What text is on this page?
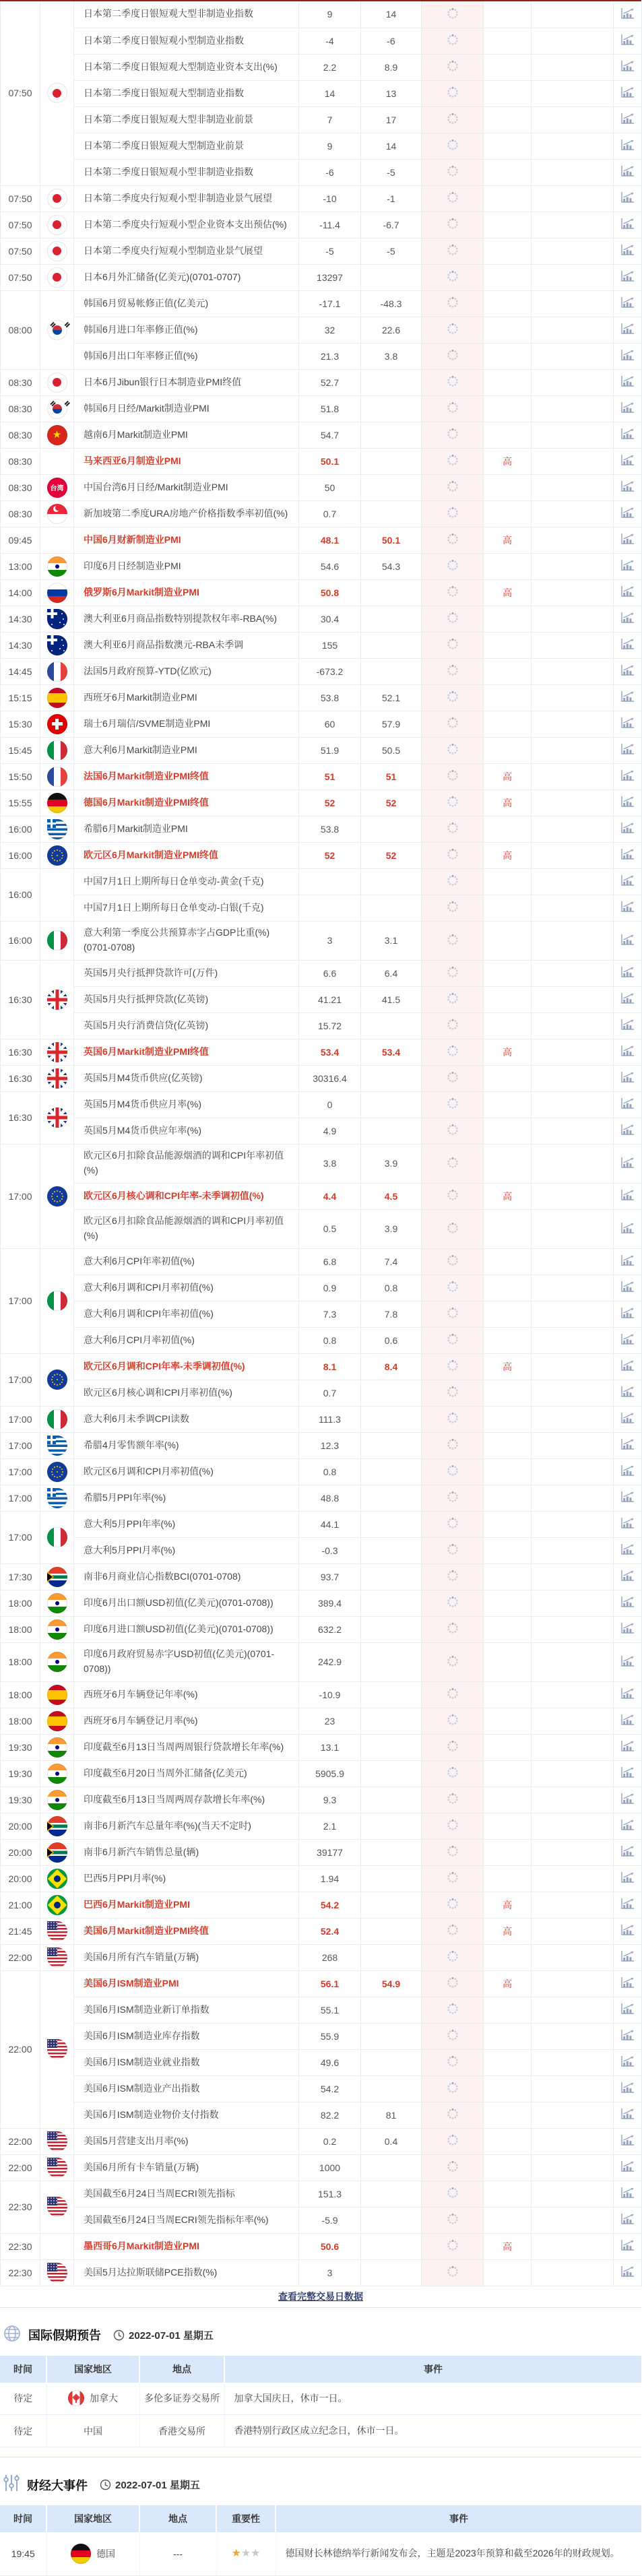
07:50		日本第二季度日银短观大型非制造业指数	9	14				

		日本第二季度日银短观小型制造业指数	-4	-6				

		日本第二季度日银短观大型制造业资本支出(%)	2.2	8.9				

		日本第二季度日银短观大型制造业指数	14	13				

		日本第二季度日银短观大型非制造业前景	7	17				

		日本第二季度日银短观大型制造业前景	9	14				

		日本第二季度日银短观小型非制造业指数	-6	-5				

07:50		日本第二季度央行短观小型非制造业景气展望	-10	-1				

07:50		日本第二季度央行短观小型企业资本支出预估(%)	-11.4	-6.7				

07:50		日本第二季度央行短观小型制造业景气展望	-5	-5				

07:50		日本6月外汇储备(亿美元)(0701-0707)	13297					

08:00		韩国6月贸易帐修正值(亿美元)	-17.1	-48.3				

		韩国6月进口年率修正值(%)	32	22.6				

		韩国6月出口年率修正值(%)	21.3	3.8				

08:30		日本6月Jibun银行日本制造业PMI终值	52.7					

08:30		韩国6月日经/Markit制造业PMI	51.8					

08:30	★	越南6月Markit制造业PMI	54.7					

08:30		马来西亚6月制造业PMI	50.1			高		

08:30	台湾	中国台湾6月日经/Markit制造业PMI	50					

08:30		新加坡第二季度URA房地产价格指数季率初值(%)	0.7					

09:45		中国6月财新制造业PMI	48.1	50.1		高		

13:00		印度6月日经制造业PMI	54.6	54.3				

14:00		俄罗斯6月Markit制造业PMI	50.8			高		

14:30		澳大利亚6月商品指数特别提款权年率-RBA(%)	30.4					

14:30		澳大利亚6月商品指数澳元-RBA未季调	155					

14:45		法国5月政府预算-YTD(亿欧元)	-673.2					

15:15		西班牙6月Markit制造业PMI	53.8	52.1				

15:30		瑞士6月瑞信/SVME制造业PMI	60	57.9				

15:45		意大利6月Markit制造业PMI	51.9	50.5				

15:50		法国6月Markit制造业PMI终值	51	51		高		

15:55		德国6月Markit制造业PMI终值	52	52		高		

16:00		希腊6月Markit制造业PMI	53.8					

16:00		欧元区6月Markit制造业PMI终值	52	52		高		

16:00		中国7月1日上期所每日仓单变动-黄金(千克)						

		中国7月1日上期所每日仓单变动-白银(千克)						

16:00		意大利第一季度公共预算赤字占GDP比重(%)(0701-0708)	3	3.1				

16:30		英国5月央行抵押贷款许可(万件)	6.6	6.4				

		英国5月央行抵押贷款(亿英镑)	41.21	41.5				

		英国5月央行消费信贷(亿英镑)	15.72					

16:30		英国6月Markit制造业PMI终值	53.4	53.4		高		

16:30		英国5月M4货币供应(亿英镑)	30316.4					

16:30		英国5月M4货币供应月率(%)	0					

		英国5月M4货币供应年率(%)	4.9					

17:00		欧元区6月扣除食品能源烟酒的调和CPI年率初值(%)	3.8	3.9				

		欧元区6月核心调和CPI年率-未季调初值(%)	4.4	4.5		高		

		欧元区6月扣除食品能源烟酒的调和CPI月率初值(%)	0.5	3.9				

17:00		意大利6月CPI年率初值(%)	6.8	7.4				

		意大利6月调和CPI月率初值(%)	0.9	0.8				

		意大利6月调和CPI年率初值(%)	7.3	7.8				

		意大利6月CPI月率初值(%)	0.8	0.6				

17:00		欧元区6月调和CPI年率-未季调初值(%)	8.1	8.4		高		

		欧元区6月核心调和CPI月率初值(%)	0.7					

17:00		意大利6月未季调CPI读数	111.3					

17:00		希腊4月零售额年率(%)	12.3					

17:00		欧元区6月调和CPI月率初值(%)	0.8					

17:00		希腊5月PPI年率(%)	48.8					

17:00		意大利5月PPI年率(%)	44.1					

		意大利5月PPI月率(%)	-0.3					

17:30		南非6月商业信心指数BCI(0701-0708)	93.7					

18:00		印度6月出口额USD初值(亿美元)(0701-0708))	389.4					

18:00		印度6月进口额USD初值(亿美元)(0701-0708))	632.2					

18:00		印度6月政府贸易赤字USD初值(亿美元)(0701-0708))	242.9					

18:00		西班牙6月车辆登记年率(%)	-10.9					

18:00		西班牙6月车辆登记月率(%)	23					

19:30		印度截至6月13日当周两周银行贷款增长年率(%)	13.1					

19:30		印度截至6月20日当周外汇储备(亿美元)	5905.9					

19:30		印度截至6月13日当周两周存款增长年率(%)	9.3					

20:00		南非6月新汽车总量年率(%)(当天不定时)	2.1					

20:00		南非6月新汽车销售总量(辆)	39177					

20:00		巴西5月PPI月率(%)	1.94					

21:00		巴西6月Markit制造业PMI	54.2			高		

21:45		美国6月Markit制造业PMI终值	52.4			高		

22:00		美国6月所有汽车销量(万辆)	268					

22:00		美国6月ISM制造业PMI	56.1	54.9		高		

		美国6月ISM制造业新订单指数	55.1					

		美国6月ISM制造业库存指数	55.9					

		美国6月ISM制造业就业指数	49.6					

		美国6月ISM制造业产出指数	54.2					

		美国6月ISM制造业物价支付指数	82.2	81				

22:00		美国5月营建支出月率(%)	0.2	0.4				

22:00		美国6月所有卡车销量(万辆)	1000					

22:30		美国截至6月24日当周ECRI领先指标	151.3					

		美国截至6月24日当周ECRI领先指标年率(%)	-5.9					

22:30		墨西哥6月Markit制造业PMI	50.6			高		

22:30		美国5月达拉斯联储PCE指数(%)	3					
查看完整交易日数据
国际假期预告	2022-07-01 星期五
时间	国家地区	地点	事件
待定	加拿大	多伦多证券交易所	加拿大国庆日，休市一日。
待定	中国	香港交易所	香港特别行政区成立纪念日，休市一日。
财经大事件	2022-07-01 星期五
时间	国家地区	地点	重要性	事件
19:45	德国	---	★★★	德国财长林德纳举行新闻发布会，主题是2023年预算和截至2026年的财政规划。
